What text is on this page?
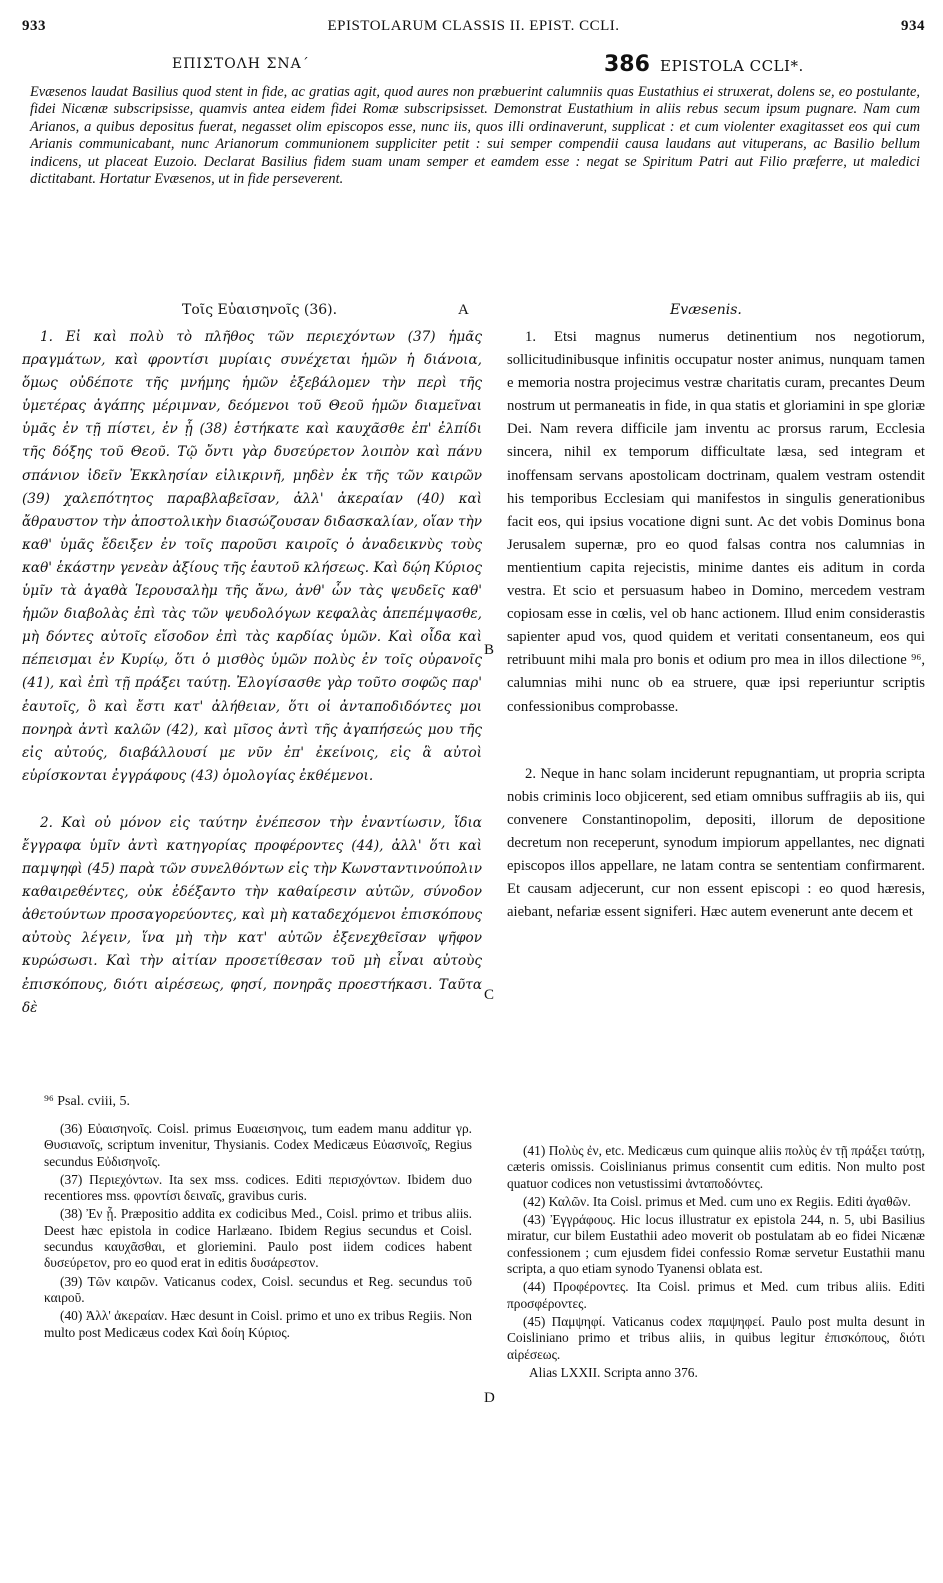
933	EPISTOLARUM CLASSIS II. EPIST. CCLI.	934
ΕΠΙΣΤΟΛΗ ΣΝΑ΄	386 EPISTOLA CCLI*.
Evæsenos laudat Basilius quod stent in fide, ac gratias agit, quod aures non præbuerint calumniis quas Eustathius ei struxerat, dolens se, eo postulante, fidei Nicænæ subscripsisse, quamvis antea eidem fidei Romæ subscripsisset. Demonstrat Eustathium in aliis rebus secum ipsum pugnare. Nam cum Arianos, a quibus depositus fuerat, negasset olim episcopos esse, nunc iis, quos illi ordinaverunt, supplicat : et cum violenter exagitasset eos qui cum Arianis communicabant, nunc Arianorum communionem suppliciter petit : sui semper compendii causa laudans aut vituperans, ac Basilio bellum indicens, ut placeat Euzoio. Declarat Basilius fidem suam unam semper et eamdem esse : negat se Spiritum Patri aut Filio præferre, ut maledici dictitabant. Hortatur Evæsenos, ut in fide perseverent.
Τοῖς Εὐαισηνοῖς (36).	A	Evæsenis.

1. Εἰ καὶ πολὺ τὸ πλῆθος τῶν περιεχόντων (37) ἡμᾶς πραγμάτων, καὶ φροντίσι μυρίαις συνέχεται ἡμῶν ἡ διάνοια, ὅμως οὐδέποτε τῆς μνήμης ἡμῶν ἐξεβάλομεν τὴν περὶ τῆς ὑμετέρας ἀγάπης μέριμναν, δεόμενοι τοῦ Θεοῦ ἡμῶν διαμεῖναι ὑμᾶς ἐν τῇ πίστει, ἐν ᾗ (38) ἑστήκατε καὶ καυχᾶσθε ἐπ' ἐλπίδι τῆς δόξης τοῦ Θεοῦ. Τῷ ὄντι γὰρ δυσεύρετον λοιπὸν καὶ πάνυ σπάνιον ἰδεῖν Ἐκκλησίαν εἰλικρινῆ, μηδὲν ἐκ τῆς τῶν καιρῶν (39) χαλεπότητος παραβλαβεῖσαν, ἀλλ' ἀκεραίαν (40) καὶ ἄθραυστον τὴν ἀποστολικὴν διασώζουσαν διδασκαλίαν, οἵαν τὴν καθ' ὑμᾶς ἔδειξεν ἐν τοῖς παροῦσι καιροῖς ὁ ἀναδεικνὺς τοὺς καθ' ἑκάστην γενεὰν ἀξίους τῆς ἑαυτοῦ κλήσεως. Καὶ δῴη Κύριος ὑμῖν τὰ ἀγαθὰ Ἱερουσαλὴμ τῆς ἄνω, ἀνθ' ὧν τὰς ψευδεῖς καθ' ἡμῶν διαβολὰς ἐπὶ τὰς τῶν ψευδολόγων κεφαλὰς ἀπεπέμψασθε, μὴ δόντες αὐτοῖς εἴσοδον ἐπὶ τὰς καρδίας ὑμῶν. Καὶ οἶδα καὶ πέπεισμαι ἐν Κυρίῳ, ὅτι ὁ μισθὸς ὑμῶν πολὺς ἐν τοῖς οὐρανοῖς (41), καὶ ἐπὶ τῇ πράξει ταύτῃ. Ἐλογίσασθε γὰρ τοῦτο σοφῶς παρ' ἑαυτοῖς, ὃ καὶ ἔστι κατ' ἀλήθειαν, ὅτι οἱ ἀνταποδιδόντες μοι πονηρὰ ἀντὶ καλῶν (42), καὶ μῖσος ἀντὶ τῆς ἀγαπήσεώς μου τῆς εἰς αὐτούς, διαβάλλουσί με νῦν ἐπ' ἐκείνοις, εἰς ἃ αὐτοὶ εὑρίσκονται ἐγγράφους (43) ὁμολογίας ἐκθέμενοι.

2. Καὶ οὐ μόνον εἰς ταύτην ἐνέπεσον τὴν ἐναντίωσιν, ἴδια ἔγγραφα ὑμῖν ἀντὶ κατηγορίας προφέροντες (44), ἀλλ' ὅτι καὶ παμψηφὶ (45) παρὰ τῶν συνελθόντων εἰς τὴν Κωνσταντινούπολιν καθαιρεθέντες, οὐκ ἐδέξαντο τὴν καθαίρεσιν αὐτῶν, σύνοδον ἀθετούντων προσαγορεύοντες, καὶ μὴ καταδεχόμενοι ἐπισκόπους αὐτοὺς λέγειν, ἵνα μὴ τὴν κατ' αὐτῶν ἐξενεχθεῖσαν ψῆφον κυρώσωσι. Καὶ τὴν αἰτίαν προσετίθεσαν τοῦ μὴ εἶναι αὐτοὺς ἐπισκόπους, διότι αἱρέσεως, φησί, πονηρᾶς προεστήκασι. Ταῦτα δὲ

1. Etsi magnus numerus detinentium nos negotiorum, sollicitudinibusque infinitis occupatur noster animus, nunquam tamen e memoria nostra projecimus vestræ charitatis curam, precantes Deum nostrum ut permaneatis in fide, in qua statis et gloriamini in spe gloriæ Dei. Nam revera difficile jam inventu ac prorsus rarum, Ecclesia sincera, nihil ex temporum difficultate læsa, sed integram et inoffensam servans apostolicam doctrinam, qualem vestram ostendit his temporibus Ecclesiam qui manifestos in singulis generationibus facit eos, qui ipsius vocatione digni sunt. Ac det vobis Dominus bona Jerusalem supernæ, pro eo quod falsas contra nos calumnias in mentientium capita rejecistis, minime dantes eis aditum in corda vestra. Et scio et persuasum habeo in Domino, mercedem vestram copiosam esse in cœlis, vel ob hanc actionem. Illud enim considerastis sapienter apud vos, quod quidem et veritati consentaneum, eos qui retribuunt mihi mala pro bonis et odium pro mea in illos dilectione ⁹⁶, calumnias mihi nunc ob ea struere, quæ ipsi reperiuntur scriptis confessionibus comprobasse.

2. Neque in hanc solam inciderunt repugnantiam, ut propria scripta nobis criminis loco objicerent, sed etiam omnibus suffragiis ab iis, qui convenere Constantinopolim, depositi, illorum de depositione decretum non receperunt, synodum impiorum appellantes, nec dignati episcopos illos appellare, ne latam contra se sententiam confirmarent. Et causam adjecerunt, cur non essent episcopi : eo quod hæresis, aiebant, nefariæ essent signiferi. Hæc autem evenerunt ante decem et

B
C
D
⁹⁶ Psal. cviii, 5.

(36) Εὐαισηνοῖς. Coisl. primus Ευαεισηνοις, tum eadem manu additur γρ. Θυσιανοῖς, scriptum invenitur, Thysianis. Codex Medicæus Εὐασινοῖς, Regius secundus Εὐδισηνοῖς.

(37) Περιεχόντων. Ita sex mss. codices. Editi περισχόντων. Ibidem duo recentiores mss. φροντίσι δειναῖς, gravibus curis.

(38) Ἐν ᾗ. Præpositio addita ex codicibus Med., Coisl. primo et tribus aliis. Deest hæc epistola in codice Harlæano. Ibidem Regius secundus et Coisl. secundus καυχᾶσθαι, et gloriemini. Paulo post iidem codices habent δυσεύρετον, pro eo quod erat in editis δυσάρεστον.

(39) Τῶν καιρῶν. Vaticanus codex, Coisl. secundus et Reg. secundus τοῦ καιροῦ.

(40) Ἀλλ' ἀκεραίαν. Hæc desunt in Coisl. primo et uno ex tribus Regiis. Non multo post Medicæus codex Καὶ δοίη Κύριος.

(41) Πολὺς ἐν, etc. Medicæus cum quinque aliis πολὺς ἐν τῇ πράξει ταύτῃ, cæteris omissis. Coislinianus primus consentit cum editis. Non multo post quatuor codices non vetustissimi ἀνταποδόντες.

(42) Καλῶν. Ita Coisl. primus et Med. cum uno ex Regiis. Editi ἀγαθῶν.

(43) Ἐγγράφους. Hic locus illustratur ex epistola 244, n. 5, ubi Basilius miratur, cur bilem Eustathii adeo moverit ob postulatam ab eo fidei Nicænæ confessionem ; cum ejusdem fidei confessio Romæ servetur Eustathii manu scripta, a quo etiam synodo Tyanensi oblata est.

(44) Προφέροντες. Ita Coisl. primus et Med. cum tribus aliis. Editi προσφέροντες.

(45) Παμψηφί. Vaticanus codex παμψηφεί. Paulo post multa desunt in Coisliniano primo et tribus aliis, in quibus legitur ἐπισκόπους, διότι αἱρέσεως.

Alias LXXII. Scripta anno 376.
